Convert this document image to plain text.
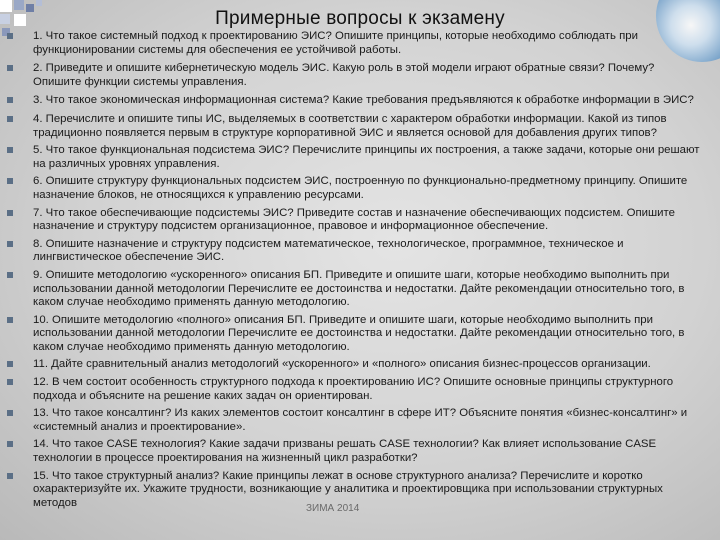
Примерные вопросы к экзамену
1. Что такое системный подход к проектированию ЭИС? Опишите принципы, которые необходимо соблюдать при функционировании системы для обеспечения ее устойчивой работы.
2. Приведите и опишите кибернетическую модель ЭИС. Какую роль в этой модели играют обратные связи? Почему? Опишите функции системы управления.
3. Что такое экономическая информационная система? Какие требования предъявляются к обработке информации в ЭИС?
4. Перечислите и опишите типы ИС, выделяемых в соответствии с характером обработки информации. Какой из типов традиционно появляется первым в структуре корпоративной ЭИС и является основой для добавления других типов?
5. Что такое функциональная подсистема ЭИС? Перечислите принципы их построения, а также задачи, которые они решают на различных уровнях управления.
6. Опишите структуру функциональных подсистем ЭИС, построенную по функционально-предметному принципу. Опишите назначение блоков, не относящихся к управлению ресурсами.
7. Что такое обеспечивающие подсистемы ЭИС? Приведите состав и назначение обеспечивающих подсистем. Опишите назначение и структуру подсистем организационное, правовое и информационное обеспечение.
8. Опишите назначение и структуру подсистем математическое, технологическое, программное, техническое и лингвистическое обеспечение ЭИС.
9. Опишите методологию «ускоренного» описания БП. Приведите и опишите шаги, которые необходимо выполнить при использовании данной методологии Перечислите ее достоинства и недостатки. Дайте рекомендации относительно того, в каком случае необходимо применять данную методологию.
10. Опишите методологию «полного» описания БП. Приведите и опишите шаги, которые необходимо выполнить при использовании данной методологии Перечислите ее достоинства и недостатки. Дайте рекомендации относительно того, в каком случае необходимо применять данную методологию.
11. Дайте сравнительный анализ методологий «ускоренного» и «полного» описания бизнес-процессов организации.
12. В чем состоит особенность структурного подхода к проектированию ИС? Опишите основные принципы структурного подхода и объясните на решение каких задач он ориентирован.
13. Что такое консалтинг? Из каких элементов состоит консалтинг в сфере ИТ? Объясните понятия «бизнес-консалтинг» и «системный анализ и проектирование».
14. Что такое CASE технология? Какие задачи призваны решать CASE технологии? Как влияет использование CASE технологии в процессе проектирования на жизненный цикл разработки?
15. Что такое структурный анализ? Какие принципы лежат в основе структурного анализа? Перечислите и коротко охарактеризуйте их. Укажите трудности, возникающие у аналитика и проектировщика при использовании структурных методов	ЗИМА 2014
